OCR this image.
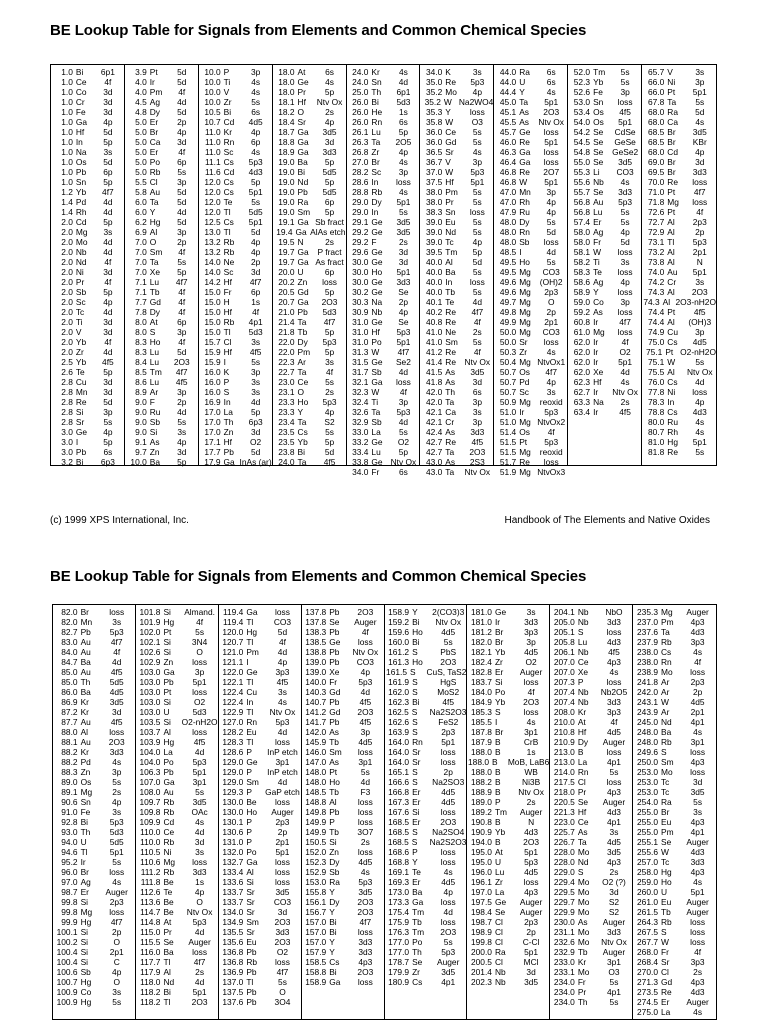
BE Lookup Table for Signals from Elements and Common Chemical Species
1.0 Bi	6p1
1.0 Ce	4f
1.0 Co	3d
1.0 Cr	3d
1.0 Fe	3d
1.0 Ga	4p
1.0 Hf	5d
1.0 In	5p
1.0 Na	3s
1.0 Os	5d
1.0 Pb	6p
1.0 Sn	5p
1.2 Yb	4f7
1.4 Pd	4d
1.4 Rh	4d
2.0 Cd	5p
2.0 Mg	3s
2.0 Mo	4d
2.0 Nb	4d
2.0 Nd	4f
2.0 Ni	3d
2.0 Pr	4f
2.0 Sb	5p
2.0 Sc	4p
2.0 Tc	4d
2.0 Ti	3d
2.0 V	3d
2.0 Yb	4f
2.0 Zr	4d
2.5 Yb	4f5
2.6 Te	5p
2.8 Cu	3d
2.8 Mn	3d
2.8 Re	5d
2.8 Si	3p
2.8 Sr	5s
3.0 Ge	4p
3.0 I	5p
3.0 Pb	6s
3.2 Bi	6p3
3.9 Pt	5d
4.0 Ir	5d
4.0 Pm	4f
4.5 Ag	4d
4.8 Dy	5d
5.0 Er	2p
5.0 Br	4p
5.0 Ca	3d
5.0 Er	4f
5.0 Po	6p
5.0 Rb	5s
5.5 Cl	3p
5.8 Au	5d
6.0 Ta	5d
6.0 Y	4d
6.2 Hg	5d
6.9 Al	3p
7.0 O	2p
7.0 Sm	4f
7.0 Ta	5s
7.0 Xe	5p
7.1 Lu	4f7
7.1 Tb	4f
7.7 Gd	4f
7.8 Dy	4f
8.0 At	6p
8.0 S	3p
8.3 Ho	4f
8.3 Lu	5d
8.4 Lu	2O3
8.5 Tm	4f7
8.6 Lu	4f5
8.9 Ar	3p
9.0 F	2p
9.0 Ru	4d
9.0 Sb	5s
9.0 Si	3s
9.1 As	4p
9.7 Zn	3d
10.0 Ba	5p
10.0 P	3p
10.0 Ti	4s
10.0 V	4s
10.0 Zr	5s
10.5 Bi	6s
10.7 Cd	4d5
11.0 Kr	4p
11.0 Rn	6p
11.0 Sc	4s
11.1 Cs	5p3
11.6 Cd	4d3
12.0 Cs	5p
12.0 Cs	5p1
12.0 Te	5s
12.0 Tl	5d5
12.5 Cs	5p1
13.0 Tl	5d
13.2 Rb	4p
13.2 Rb	4p
14.0 Ne	2p
14.0 Sc	3d
14.2 Hf	4f7
15.0 Fr	6p
15.0 H	1s
15.0 Hf	4f
15.0 Rb	4p1
15.0 Tl	5d3
15.7 Cl	3s
15.9 Hf	4f5
15.9 I	5s
16.0 K	3p
16.0 P	3s
16.0 S	3s
16.9 In	4d
17.0 La	5p
17.0 Th	6p3
17.0 Zn	3d
17.1 Hf	O2
17.7 Pb	5d
17.9 Ga InAs (ar)
18.0 At	6s
18.0 Ge	4s
18.0 Pr	5p
18.1 Hf	Ntv Ox
18.2 O	2s
18.4 Sr	4p
18.7 Ga	3d5
18.8 Ga	3d
18.9 Ga	3d3
19.0 Ba	5p
19.0 Bi	5d5
19.0 Nd	5p
19.0 Pb	5d5
19.0 Ra	6p
19.0 Sm	5p
19.1 Ga Sb fract
19.4 Ga AlAs etch
19.5 N	2s
19.7 Ga	P fract
19.7 Ga As fract
20.0 U	6p
20.2 Zn	loss
20.5 Gd	5p
20.7 Ga	2O3
21.0 Pb	5d3
21.4 Ta	4f7
21.8 Tb	5p
22.0 Dy	5p3
22.0 Pm	5p
22.3 Ar	3s
22.7 Ta	4f
23.0 Ce	5s
23.1 O	2s
23.3 Ho	5p3
23.3 Y	4p
23.4 Ta	S2
23.5 Cs	5s
23.5 Yb	5p
23.8 Bi	5d
24.0 Ta	4f5
24.0 Kr	4s
24.0 Sn	4d
25.0 Th	6p1
26.0 Bi	5d3
26.0 He	1s
26.0 Rn	6s
26.1 Lu	5p
26.3 Ta	2O5
26.8 Zr	4p
27.0 Br	4s
28.2 Sc	3p
28.6 In	loss
28.8 Rb	4s
29.0 Dy	5p1
29.0 In	5s
29.1 Ge	3d5
29.2 Ge	3d5
29.2 F	2s
29.6 Ge	3d
30.0 Ge	3d
30.0 Ho	5p1
30.0 Ge	3d3
30.2 Ge	Se
30.3 Na	2p
30.9 Nb	4p
31.0 Ge	Se
31.0 Hf	5p3
31.0 Po	5p1
31.3 W	4f7
31.5 Ge	Se2
31.7 Sb	4d
32.1 Ga	loss
32.3 W	4f
32.4 Ti	3p
32.6 Ta	5p3
32.9 Sb	4d
33.0 La	5s
33.2 Ge	O2
33.4 Lu	5p
33.8 Ge Ntv Ox
34.0 Fr	6s
34.0 K	3s
35.0 Re	5p3
35.2 Mo	4p
35.2 W Na2WO4
35.3 Y	loss
35.8 W	O3
36.0 Ce	5s
36.0 Gd	5s
36.5 Sr	4s
36.7 V	3p
37.0 W	5p3
37.5 Hf	5p1
38.0 Pm	5s
38.0 Pr	5s
38.3 Sn	loss
39.0 Eu	5s
39.0 Nd	5s
39.0 Tc	4p
39.5 Tm	5p
40.0 Al	5d
40.0 Ba	5s
40.0 In	loss
40.0 Tb	5s
40.1 Te	4d
40.2 Re	4f7
40.8 Re	4f
41.0 Ne	2s
41.0 Sm	5s
41.2 Re	4f
41.4 Re	Ntv Ox
41.5 As	3d5
41.8 As	3d
42.0 Th	6s
42.0 Ta	3p
42.1 Ca	3s
42.1 Cr	3p
42.4 As	3d3
42.7 Re	4f5
42.7 Ta	2O3
43.0 As	2S3
43.0 Ta	Ntv Ox
44.0 Ra	6s
44.0 U	6s
44.4 Y	4s
45.0 Ta	5p1
45.1 As	2O3
45.5 As	Ntv Ox
45.7 Ge	loss
46.0 Re	5p1
46.3 Ga	loss
46.4 Ga	loss
46.8 Re	2O7
46.8 W	5p1
47.0 Mn	3p
47.0 Rh	4p
47.9 Ru	4p
48.0 Dy	5s
48.0 Rn	5d
48.0 Sb	loss
48.5 I	4d
49.5 Ho	5s
49.5 Mg	CO3
49.6 Mg	(OH)2
49.6 Mg	2p3
49.7 Mg	O
49.8 Mg	2p
49.9 Mg	2p1
50.0 Mg	CO3
50.0 Sr	loss
50.3 Zr	4s
50.4 Mg NtvOx1
50.7 Os	4f7
50.7 Pd	4p
50.7 Sc	3s
50.9 Mg	reoxid
51.0 Ir	5p3
51.0 Mg NtvOx2
51.4 Os	4f
51.5 Pt	5p3
51.5 Mg	reoxid
51.7 Re	loss
51.9 Mg NtvOx3
52.0 Tm	5s
52.3 Yb	5s
52.6 Fe	3p
53.0 Sn	loss
53.4 Os	4f5
54.0 Os	5p1
54.2 Se	CdSe
54.5 Se	GeSe
54.8 Se	GeSe2
55.0 Se	3d5
55.3 Li	CO3
55.6 Nb	4s
55.7 Se	3d3
56.8 Au	5p3
56.8 Lu	5s
57.4 Er	5s
58.0 Ag	4p
58.0 Fr	5d
58.1 W	loss
58.2 Ti	3s
58.3 Te	loss
58.6 Ag	4p
58.9 Y	loss
59.0 Co	3p
59.2 As	loss
60.8 Ir	4f7
61.0 Mg	loss
62.0 Ir	4f
62.0 Ir	O2
62.0 Ir	5p1
62.0 Xe	4d
62.3 Hf	4s
62.7 Ir	Ntv Ox
63.3 Na	2s
63.4 Ir	4f5
65.7 V	3s
66.0 Ni	3p
66.0 Pt	5p1
67.8 Ta	5s
68.0 Ra	5d
68.0 Ca	4s
68.5 Br	3d5
68.5 Br	KBr
68.0 Cd	4p
69.0 Br	3d
69.5 Br	3d3
70.0 Re	loss
71.0 Pt	4f7
71.8 Mg	loss
72.6 Pt	4f
72.7 Al	2p3
72.9 Al	2p
73.1 Tl	5p3
73.2 Al	2p1
73.8 Al	N
74.0 Au	5p1
74.2 Cr	3s
74.3 Al	2O3
74.3 Al 2O3-nH2O
74.4 Pt	4f5
74.4 Al	(OH)3
74.9 Cu	3p
75.0 Cs	4d5
75.1 Pt O2-nH2O
75.1 W	5s
75.5 Al	Ntv Ox
76.0 Cs	4d
77.8 Ni	loss
78.3 In	4p
78.8 Cs	4d3
80.0 Ru	4s
80.7 Rh	4s
81.0 Hg	5p1
81.8 Re	5s
(c) 1999 XPS International, Inc.	Handbook of The Elements and Native Oxides
BE Lookup Table for Signals from Elements and Common Chemical Species
82.0 Br	loss
82.0 Mn	3s
82.7 Pb	5p3
83.0 Au	4f7
84.0 Au	4f
84.7 Ba	4d
85.0 Au	4f5
85.0 Th	5d5
86.0 Ba	4d5
86.9 Kr	3d5
87.2 Kr	3d
87.7 Au	4f5
88.0 Al	loss
88.1 Au	2O3
88.2 Kr	3d3
88.2 Pd	4s
88.3 Zn	3p
89.0 Os	5s
89.1 Mg	2s
90.6 Sn	4p
91.0 Fe	3s
92.8 Bi	5p3
93.0 Th	5d3
94.0 U	5d5
94.6 Tl	5p1
95.2 Ir	5s
96.0 Br	loss
97.0 Ag	4s
98.7 Er	Auger
99.8 Si	2p3
99.8 Mg	loss
99.9 Hg	4f7
100.1 Si	2p
100.2 Si	O
100.4 Si	2p1
100.4 Si	C
100.6 Sb	4p
100.7 Hg	O
100.9 Co	3s
100.9 Hg	5s
101.8 Si	Almand.
101.9 Hg	4f
102.0 Pt	5s
102.1 Si	3N4
102.6 Si	O
102.9 Zn	loss
103.0 Ga	3p
103.0 Pb	5p1
103.0 Pt	loss
103.0 Si	O2
103.0 U	5d3
103.5 Si	O2-nH2O
103.7 Al	loss
103.9 Hg	4f5
104.0 La	4d
104.0 Po	5p3
106.3 Pb	5p1
107.0 Ga	3p1
108.0 Au	5s
109.7 Rb	3d5
109.8 Rb	OAc
109.9 Cd	4s
110.0 Ce	4d
110.0 Rb	3d
110.5 Ni	3s
110.6 Mg	loss
111.2 Rb	3d3
111.8 Be	1s
112.6 Te	4p
113.6 Be	O
114.7 Be	Ntv Ox
114.8 At	5p3
115.0 Pr	4d
115.5 Se	Auger
116.0 Ba	loss
117.7 Tl	4f7
117.9 Al	2s
118.0 Nd	4d
118.2 Bi	5p1
118.2 Tl	2O3
119.4 Ga	loss
119.4 Tl	CO3
120.0 Hg	5d
120.7 Tl	4f
121.0 Pm	4d
121.1 I	4p
122.0 Ge	3p3
122.1 Tl	4f5
122.4 Cu	3s
122.4 In	4s
122.9 Tl	Ntv Ox
127.0 Rn	5p3
128.2 Eu	4d
128.3 Tl	loss
128.6 P	InP etch
129.0 Ge	3p1
129.0 P	InP etch
129.0 Sm	4d
129.3 P	GaP etch
130.0 Be	loss
130.0 Ho	Auger
130.1 P	2p3
130.6 P	2p
131.0 P	2p1
132.0 Po	5p1
132.7 Ga	loss
133.4 Al	loss
133.6 Si	loss
133.7 Sr	3d5
133.7 Sr	CO3
134.0 Sr	3d
134.9 Sm	2O3
135.5 Sr	3d3
135.6 Eu	2O3
136.8 Pb	O2
136.8 Rb	loss
136.9 Pb	4f7
137.0 Tl	5s
137.5 Pb	O
137.6 Pb	3O4
137.8 Pb	2O3
137.8 Se	Auger
138.3 Pb	4f
138.5 Ge	loss
138.8 Pb	Ntv Ox
139.0 Pb	CO3
139.0 Xe	4p
140.0 Fr	5p3
140.3 Gd	4d
140.7 Pb	4f5
141.2 Gd	2O3
141.7 Pb	4f5
142.0 As	3p
145.9 Tb	4d5
146.0 Sm	loss
147.0 As	3p1
148.0 Pt	5s
148.0 Ho	4d
148.5 Tb	F3
148.8 Al	loss
149.8 Pb	loss
149.9 P	loss
149.9 Tb	3O7
150.5 Si	2s
152.0 Zn	loss
152.3 Dy	4d5
152.9 Sb	4s
153.0 Ra	5p3
155.8 Y	3d5
156.1 Dy	2O3
156.7 Y	2O3
157.0 Bi	4f7
157.0 Bi	loss
157.0 Y	3d3
157.9 Y	3d3
158.5 Cs	4p3
158.8 Bi	2O3
158.9 Ga	loss
158.9 Y	2(CO3)3
159.2 Bi	Ntv Ox
159.6 Ho	4d5
160.0 Bi	5s
161.2 S	PbS
161.3 Ho	2O3
161.5 S	CuS, TaS2
161.9 S	HgS
162.0 S	MoS2
162.3 Bi	4f5
162.5 S	Na2S2O3
162.6 S	FeS2
163.9 S	2p3
164.0 Rn	5p1
164.0 Sr	loss
164.0 Sr	loss
165.1 S	2p
166.6 S	Na2SO3
166.8 Er	4d5
167.3 Er	4d5
167.6 Si	loss
168.5 Er	2O3
168.5 S	Na2SO4
168.5 S	Na2S2O3
168.6 P	loss
168.8 Y	loss
169.1 Te	4s
169.3 Er	4d5
173.0 Ba	4p
173.3 Ga	loss
175.4 Tm	4d
175.9 Tb	loss
176.3 Tm	2O3
177.0 Po	5s
177.0 Th	5p3
178.7 Se	Auger
179.9 Zr	3d5
180.9 Cs	4p1
181.0 Ge	3s
181.0 Ir	3d3
181.2 Br	3p3
182.0 Br	3p
182.1 Yb	4d5
182.4 Zr	O2
182.8 Er	Auger
183.7 Si	loss
184.0 Po	4f
184.9 Yb	2O3
185.3 S	loss
185.5 I	4s
187.8 Br	3p1
187.9 B	CrB
188.0 B	1s
188.0 B	MoB, LaB6
188.0 B	WB
188.2 B	Ni3B
188.9 B	Ntv Ox
189.0 P	2s
189.2 Tm	Auger
190.8 B	N
190.9 Yb	4d3
194.0 B	2O3
195.0 At	5p1
195.0 U	5p3
196.0 Lu	4d5
196.1 Zr	loss
197.0 La	4p3
197.5 Ge	Auger
198.4 Se	Auger
198.7 Cl	2p3
198.9 Cl	2p
199.8 Cl	C-Cl
200.0 Ra	5p1
200.5 Cl	MCl
201.4 Nb	3d
202.3 Nb	3d5
204.1 Nb	NbO
205.0 Nb	3d3
205.1 S	loss
205.8 Lu	4d3
206.1 Nb	4f5
207.0 Ce	4p3
207.0 Xe	4s
207.3 P	loss
207.4 Nb	Nb2O5
207.4 Nb	3d3
208.0 Kr	3p3
210.0 At	4f
210.8 Hf	4d5
210.9 Dy	Auger
213.0 B	loss
213.0 La	4p1
214.0 Rn	5s
217.5 Cl	loss
218.0 Pr	4p3
220.5 Se	Auger
221.3 Hf	4d3
223.0 Ce	4p1
225.7 As	3s
226.7 Ta	4d5
228.0 Mo	3d5
228.0 Nd	4p3
229.0 S	2s
229.4 Mo	O2 (?)
229.5 Mo	3d
229.7 Mo	S2
229.9 Mo	S2
230.0 As	Auger
231.1 Mo	3d3
232.6 Mo	Ntv Ox
232.9 Tb	Auger
233.0 Kr	3p1
233.1 Mo	O3
234.0 Fr	5s
234.0 Pr	4p1
234.0 Th	5s
235.3 Mg	Auger
237.0 Pm	4p3
237.6 Ta	4d3
237.9 Rb	3p3
238.0 Cs	4s
238.0 Rn	4f
238.9 Mo	loss
241.8 Ar	2p3
242.0 Ar	2p
243.1 W	4d5
243.9 Ar	2p1
245.0 Nd	4p1
248.0 Ba	4s
248.0 Rb	3p1
249.6 S	loss
250.0 Sm	4p3
253.0 Mo	loss
253.0 Tc	3d
253.0 Tc	3d5
254.0 Ra	5s
255.0 Br	3s
255.0 Eu	4p3
255.0 Pm	4p1
255.1 Se	Auger
255.6 W	4d3
257.0 Tc	3d3
258.0 Hg	4p3
259.0 Ho	4s
260.0 U	5p1
261.0 Eu	Auger
261.5 Tb	Auger
264.3 Rb	loss
267.5 S	loss
267.7 W	loss
268.0 Fr	4f
268.4 Sr	3p3
270.0 Cl	2s
271.3 Gd	4p3
273.5 Re	4d3
274.5 Er	Auger
275.0 La	4s
